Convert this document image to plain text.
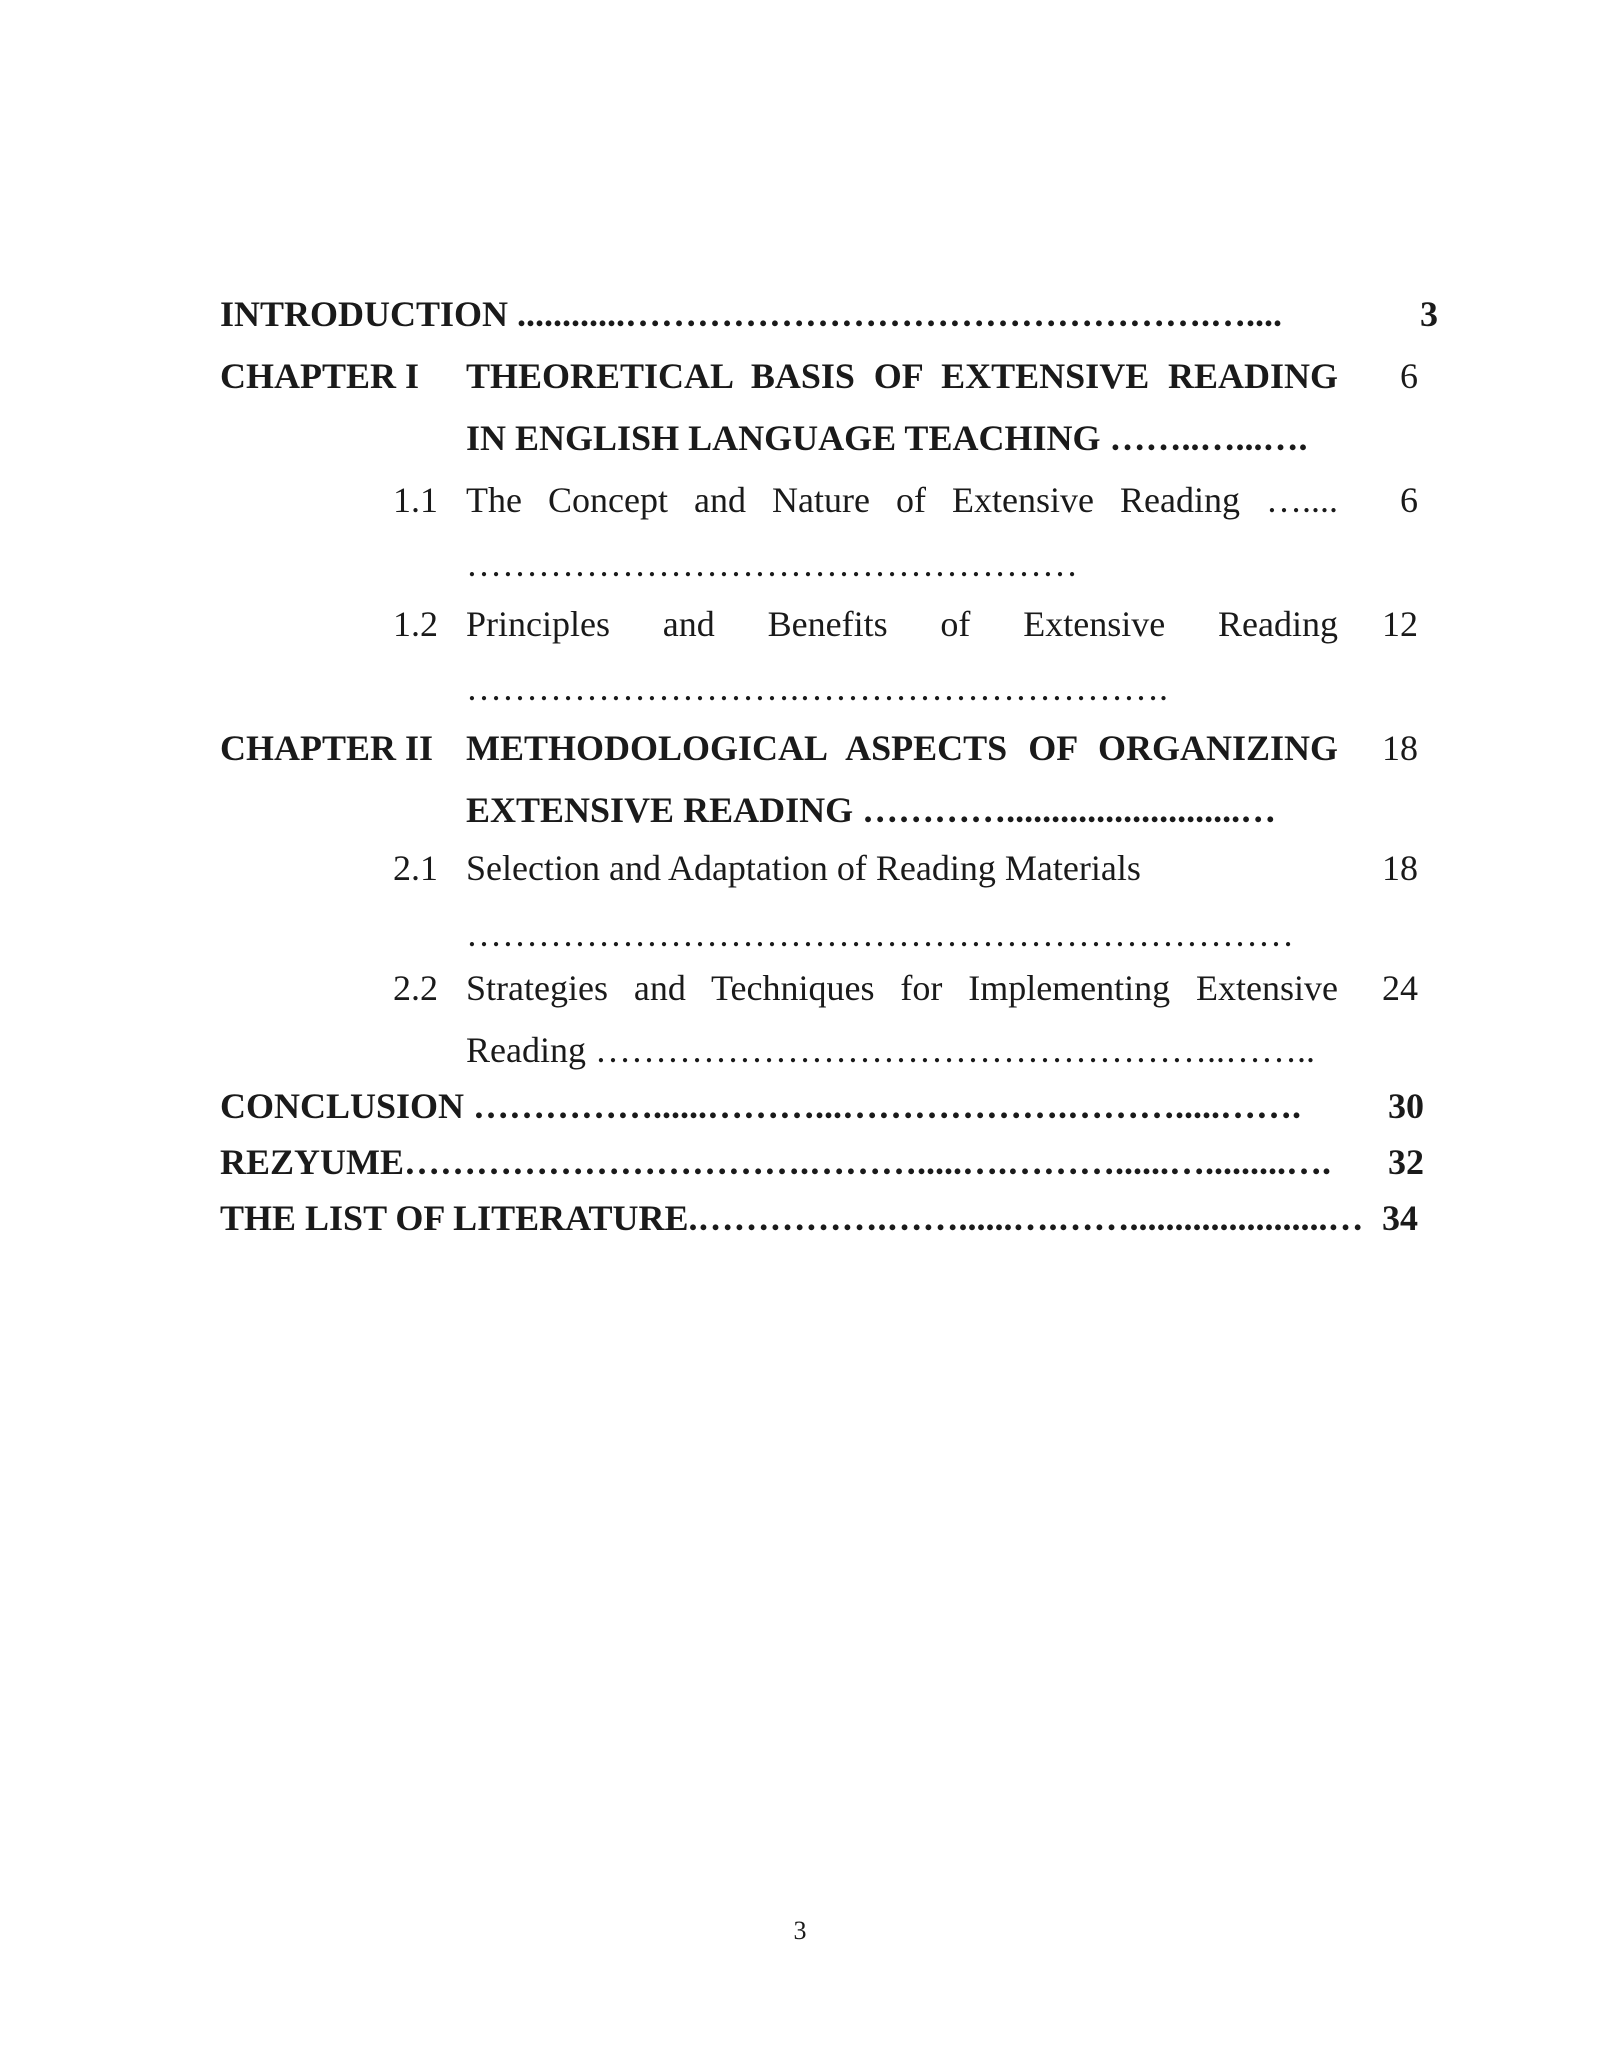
INTRODUCTION ............………………………………………….…....	3
CHAPTER I THEORETICAL BASIS OF EXTENSIVE READING	6
IN ENGLISH LANGUAGE TEACHING ……..…...….
1.1 The Concept and Nature of Extensive Reading …....	6
……………………………………………
1.2 Principles and Benefits of Extensive Reading 12
……………………….………………………….
CHAPTER II METHODOLOGICAL ASPECTS OF ORGANIZING 18
EXTENSIVE READING …………..........................…
2.1 Selection and Adaptation of Reading Materials	18
……………………………………………………………
2.2 Strategies and Techniques for Implementing Extensive 24
Reading ……………………………………………..……..
CONCLUSION ……………......………...……………….……….....…….	30
REZYUME…………………………….……….....….………......….........…. 32
THE LIST OF LITERATURE.…………….……......….……......................… 34
3
